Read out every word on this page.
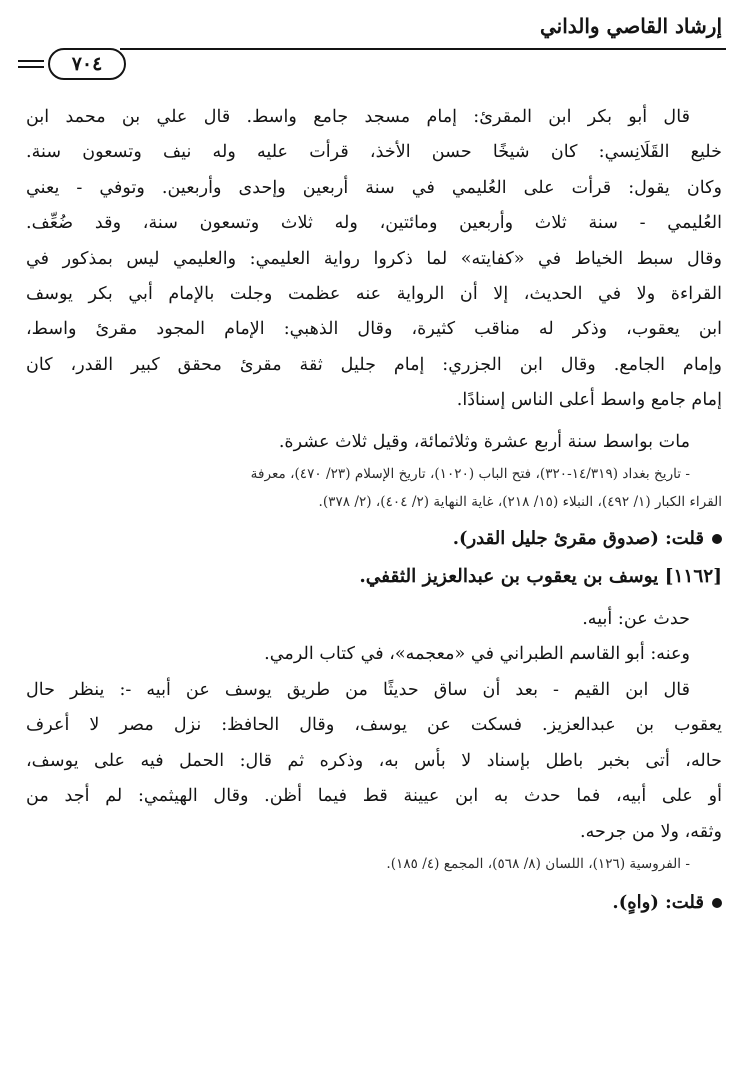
إرشاد القاصي والداني
٧٠٤
قال أبو بكر ابن المقرئ: إمام مسجد جامع واسط. قال علي بن محمد ابن
خليع القَلَانِسي: كان شيخًا حسن الأخذ، قرأت عليه وله نيف وتسعون سنة.
وكان يقول: قرأت على العُليمي في سنة أربعين وإحدى وأربعين. وتوفي - يعني
العُليمي - سنة ثلاث وأربعين ومائتين، وله ثلاث وتسعون سنة، وقد ضُعِّف.
وقال سبط الخياط في «كفايته» لما ذكروا رواية العليمي: والعليمي ليس بمذكور في
القراءة ولا في الحديث، إلا أن الرواية عنه عظمت وجلت بالإمام أبي بكر يوسف
ابن يعقوب، وذكر له مناقب كثيرة، وقال الذهبي: الإمام المجود مقرئ واسط،
وإمام الجامع. وقال ابن الجزري: إمام جليل ثقة مقرئ محقق كبير القدر، كان
إمام جامع واسط أعلى الناس إسنادًا.
مات بواسط سنة أربع عشرة وثلاثمائة، وقيل ثلاث عشرة.
- تاريخ بغداد (١٤/٣١٩-٣٢٠)، فتح الباب (١٠٢٠)، تاريخ الإسلام (٢٣/ ٤٧٠)، معرفة
القراء الكبار (١/ ٤٩٢)، النبلاء (١٥/ ٢١٨)، غاية النهاية (٢/ ٤٠٤)، (٢/ ٣٧٨).
قلت: (صدوق مقرئ جليل القدر).
[١١٦٢] يوسف بن يعقوب بن عبدالعزيز الثقفي.
حدث عن: أبيه.
وعنه: أبو القاسم الطبراني في «معجمه»، في كتاب الرمي.
قال ابن القيم - بعد أن ساق حديثًا من طريق يوسف عن أبيه -: ينظر حال
يعقوب بن عبدالعزيز. فسكت عن يوسف، وقال الحافظ: نزل مصر لا أعرف
حاله، أتى بخبر باطل بإسناد لا بأس به، وذكره ثم قال: الحمل فيه على يوسف،
أو على أبيه، فما حدث به ابن عيينة قط فيما أظن. وقال الهيثمي: لم أجد من
وثقه، ولا من جرحه.
- الفروسية (١٢٦)، اللسان (٨/ ٥٦٨)، المجمع (٤/ ١٨٥).
قلت: (واهٍ).
